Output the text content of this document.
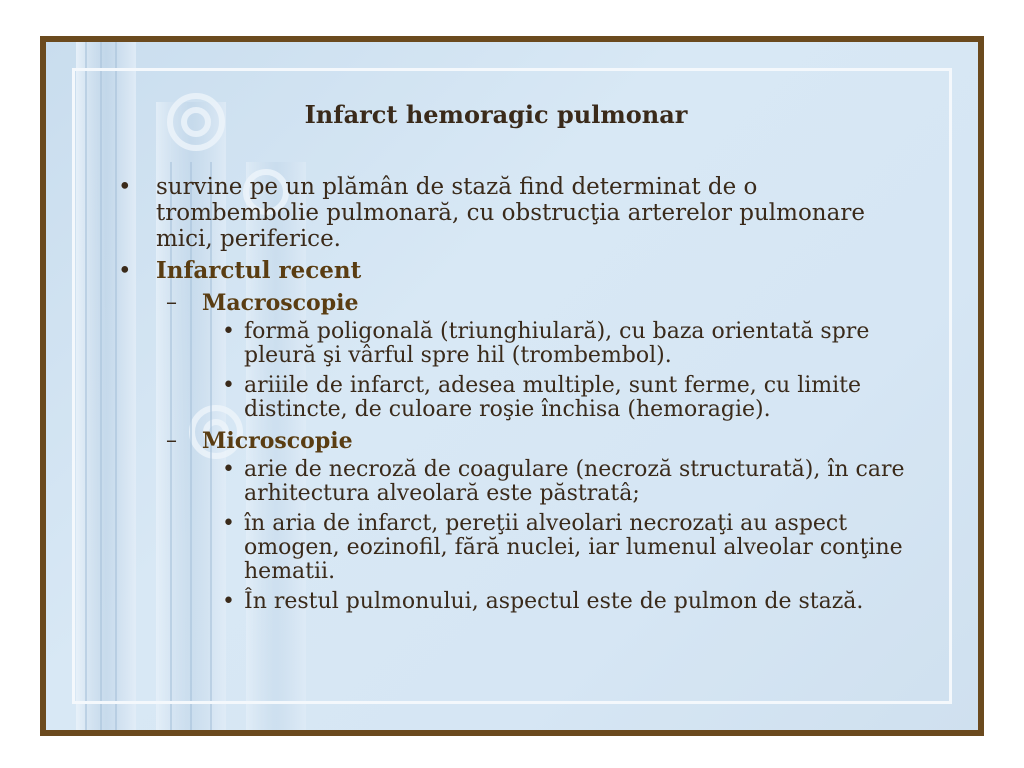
Infarct hemoragic pulmonar
• survine pe un plămân de stază find determinat de o trombembolie pulmonară, cu obstrucţia arterelor pulmonare mici, periferice.
• Infarctul recent
– Macroscopie
• formă poligonală (triunghiulară), cu baza orientată spre pleură şi vârful spre hil (trombembol).
• ariiile de infarct, adesea multiple, sunt ferme, cu limite distincte, de culoare roşie închisa (hemoragie).
– Microscopie
• arie de necroză de coagulare (necroză structurată), în care arhitectura alveolară este păstratâ;
• în aria de infarct, pereţii alveolari necrozaţi au aspect omogen, eozinofil, fără nuclei, iar lumenul alveolar conţine hematii.
• În restul pulmonului, aspectul este de pulmon de stază.
